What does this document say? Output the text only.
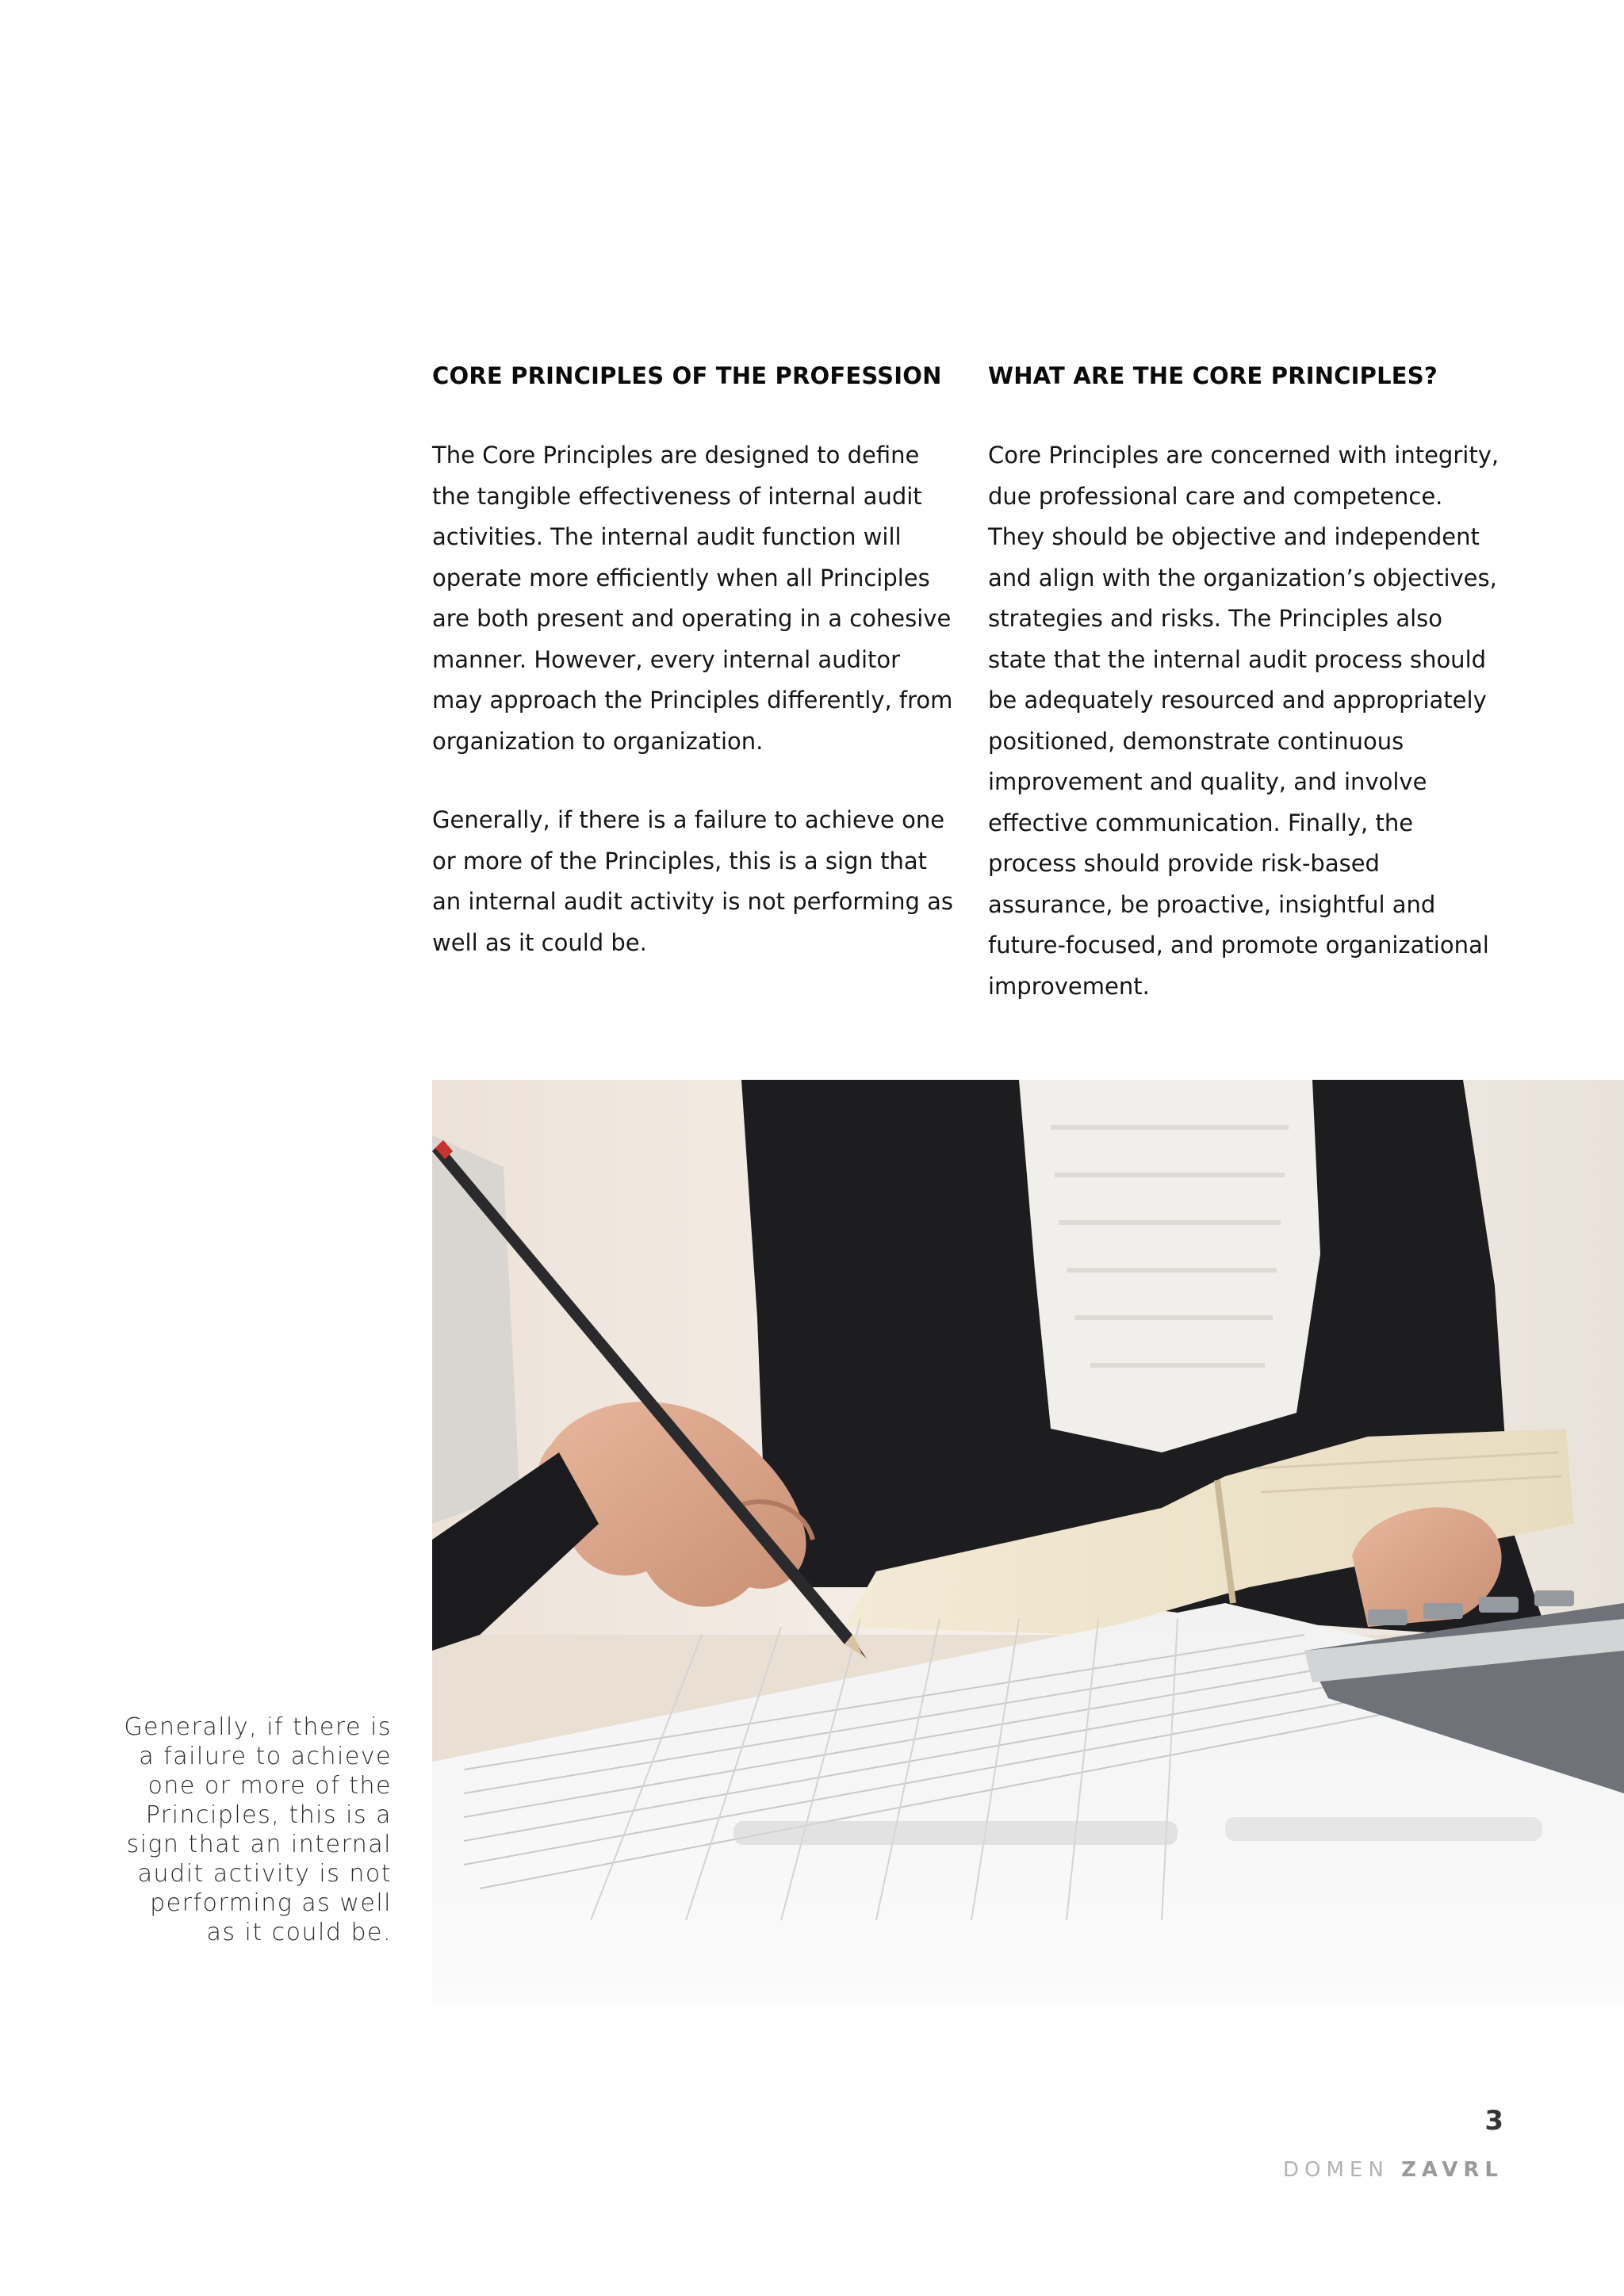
CORE PRINCIPLES OF THE PROFESSION

The Core Principles are designed to define the tangible effectiveness of internal audit activities. The internal audit function will operate more efficiently when all Principles are both present and operating in a cohesive manner. However, every internal auditor may approach the Principles differently, from organization to organization.

Generally, if there is a failure to achieve one or more of the Principles, this is a sign that an internal audit activity is not performing as well as it could be.

WHAT ARE THE CORE PRINCIPLES?

Core Principles are concerned with integrity, due professional care and competence. They should be objective and independent and align with the organization’s objectives, strategies and risks. The Principles also state that the internal audit process should be adequately resourced and appropriately positioned, demonstrate continuous improvement and quality, and involve effective communication. Finally, the process should provide risk-based assurance, be proactive, insightful and future-focused, and promote organizational improvement.

Generally, if there is a failure to achieve one or more of the Principles, this is a sign that an internal audit activity is not performing as well as it could be.
3
DOMEN ZAVRL
